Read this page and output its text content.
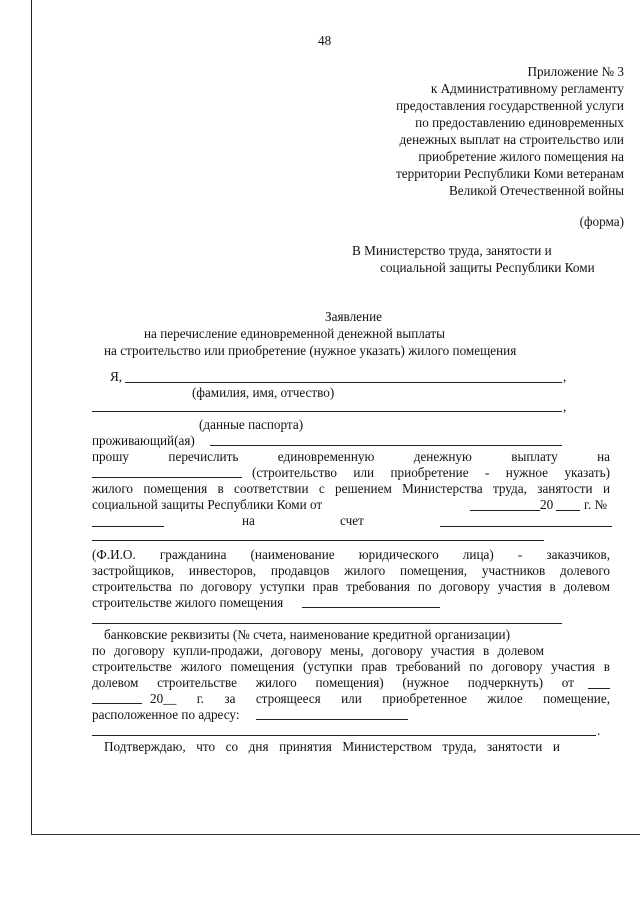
48
Приложение № 3
к Административному регламенту
предоставления государственной услуги
по предоставлению единовременных
денежных выплат на строительство или
приобретение жилого помещения на
территории Республики Коми ветеранам
Великой Отечественной войны
(форма)
В Министерство труда, занятости и
социальной защиты Республики Коми
Заявление
на перечисление единовременной денежной выплаты
на строительство или приобретение (нужное указать) жилого помещения
Я,	,
(фамилия, имя, отчество)
,
(данные паспорта)
проживающий(ая)
прошу перечислить единовременную денежную выплату на
(строительство или приобретение - нужное указать)
жилого помещения в соответствии с решением Министерства труда, занятости и
социальной защиты Республики Коми от	20 г. №
на	счет
(Ф.И.О. гражданина (наименование юридического лица) - заказчиков,
застройщиков, инвесторов, продавцов жилого помещения, участников долевого
строительства по договору уступки прав требования по договору участия в долевом
строительстве жилого помещения
банковские реквизиты (№ счета, наименование кредитной организации)
по договору купли-продажи, договору мены, договору участия в долевом
строительстве жилого помещения (уступки прав требований по договору участия в
долевом строительстве жилого помещения) (нужное подчеркнуть) от
20__ г. за строящееся или приобретенное жилое помещение,
расположенное по адресу:
.
Подтверждаю, что со дня принятия Министерством труда, занятости и
